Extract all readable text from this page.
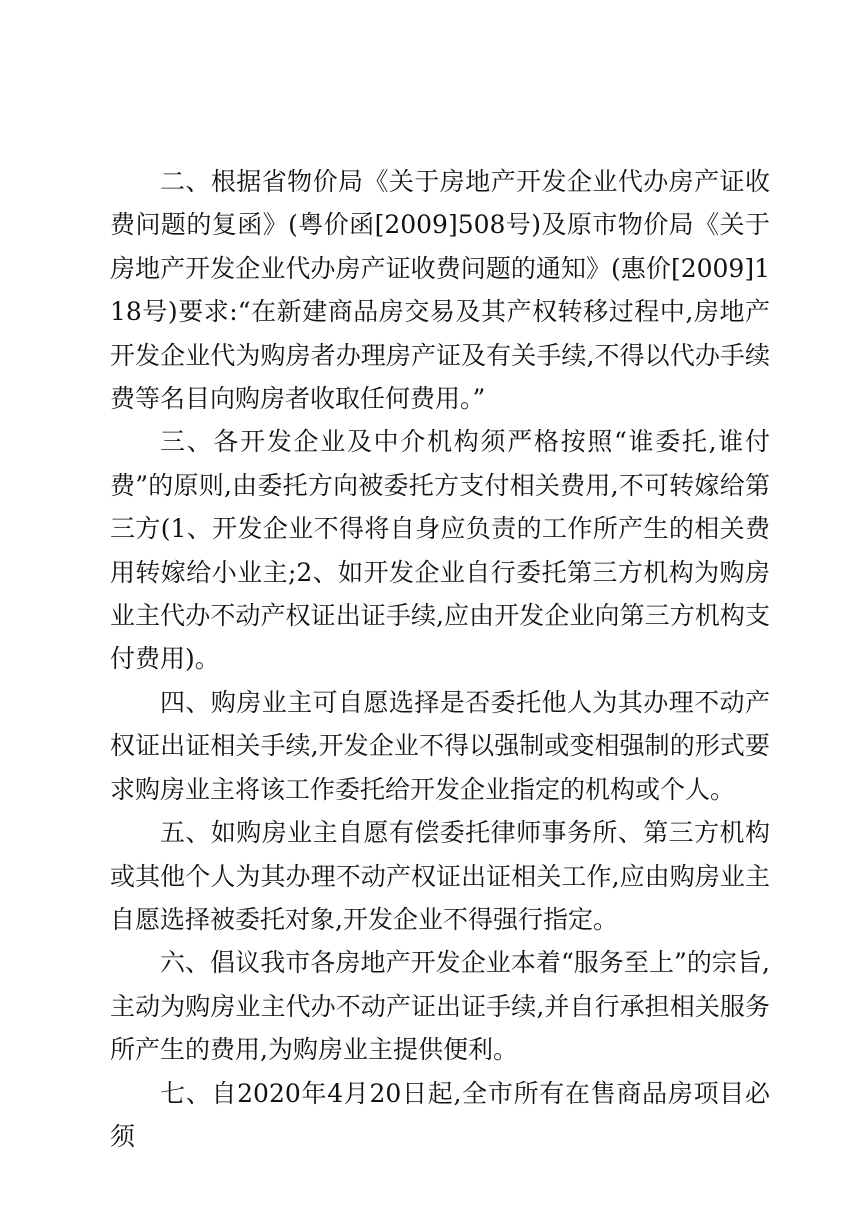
二、根据省物价局《关于房地产开发企业代办房产证收费问题的复函》(粤价函[2009]508号)及原市物价局《关于房地产开发企业代办房产证收费问题的通知》(惠价[2009]118号)要求:“在新建商品房交易及其产权转移过程中,房地产开发企业代为购房者办理房产证及有关手续,不得以代办手续费等名目向购房者收取任何费用。”

三、各开发企业及中介机构须严格按照“谁委托,谁付费”的原则,由委托方向被委托方支付相关费用,不可转嫁给第三方(1、开发企业不得将自身应负责的工作所产生的相关费用转嫁给小业主;2、如开发企业自行委托第三方机构为购房业主代办不动产权证出证手续,应由开发企业向第三方机构支付费用)。

四、购房业主可自愿选择是否委托他人为其办理不动产权证出证相关手续,开发企业不得以强制或变相强制的形式要求购房业主将该工作委托给开发企业指定的机构或个人。

五、如购房业主自愿有偿委托律师事务所、第三方机构或其他个人为其办理不动产权证出证相关工作,应由购房业主自愿选择被委托对象,开发企业不得强行指定。

六、倡议我市各房地产开发企业本着“服务至上”的宗旨,主动为购房业主代办不动产证出证手续,并自行承担相关服务所产生的费用,为购房业主提供便利。

七、自2020年4月20日起,全市所有在售商品房项目必须
